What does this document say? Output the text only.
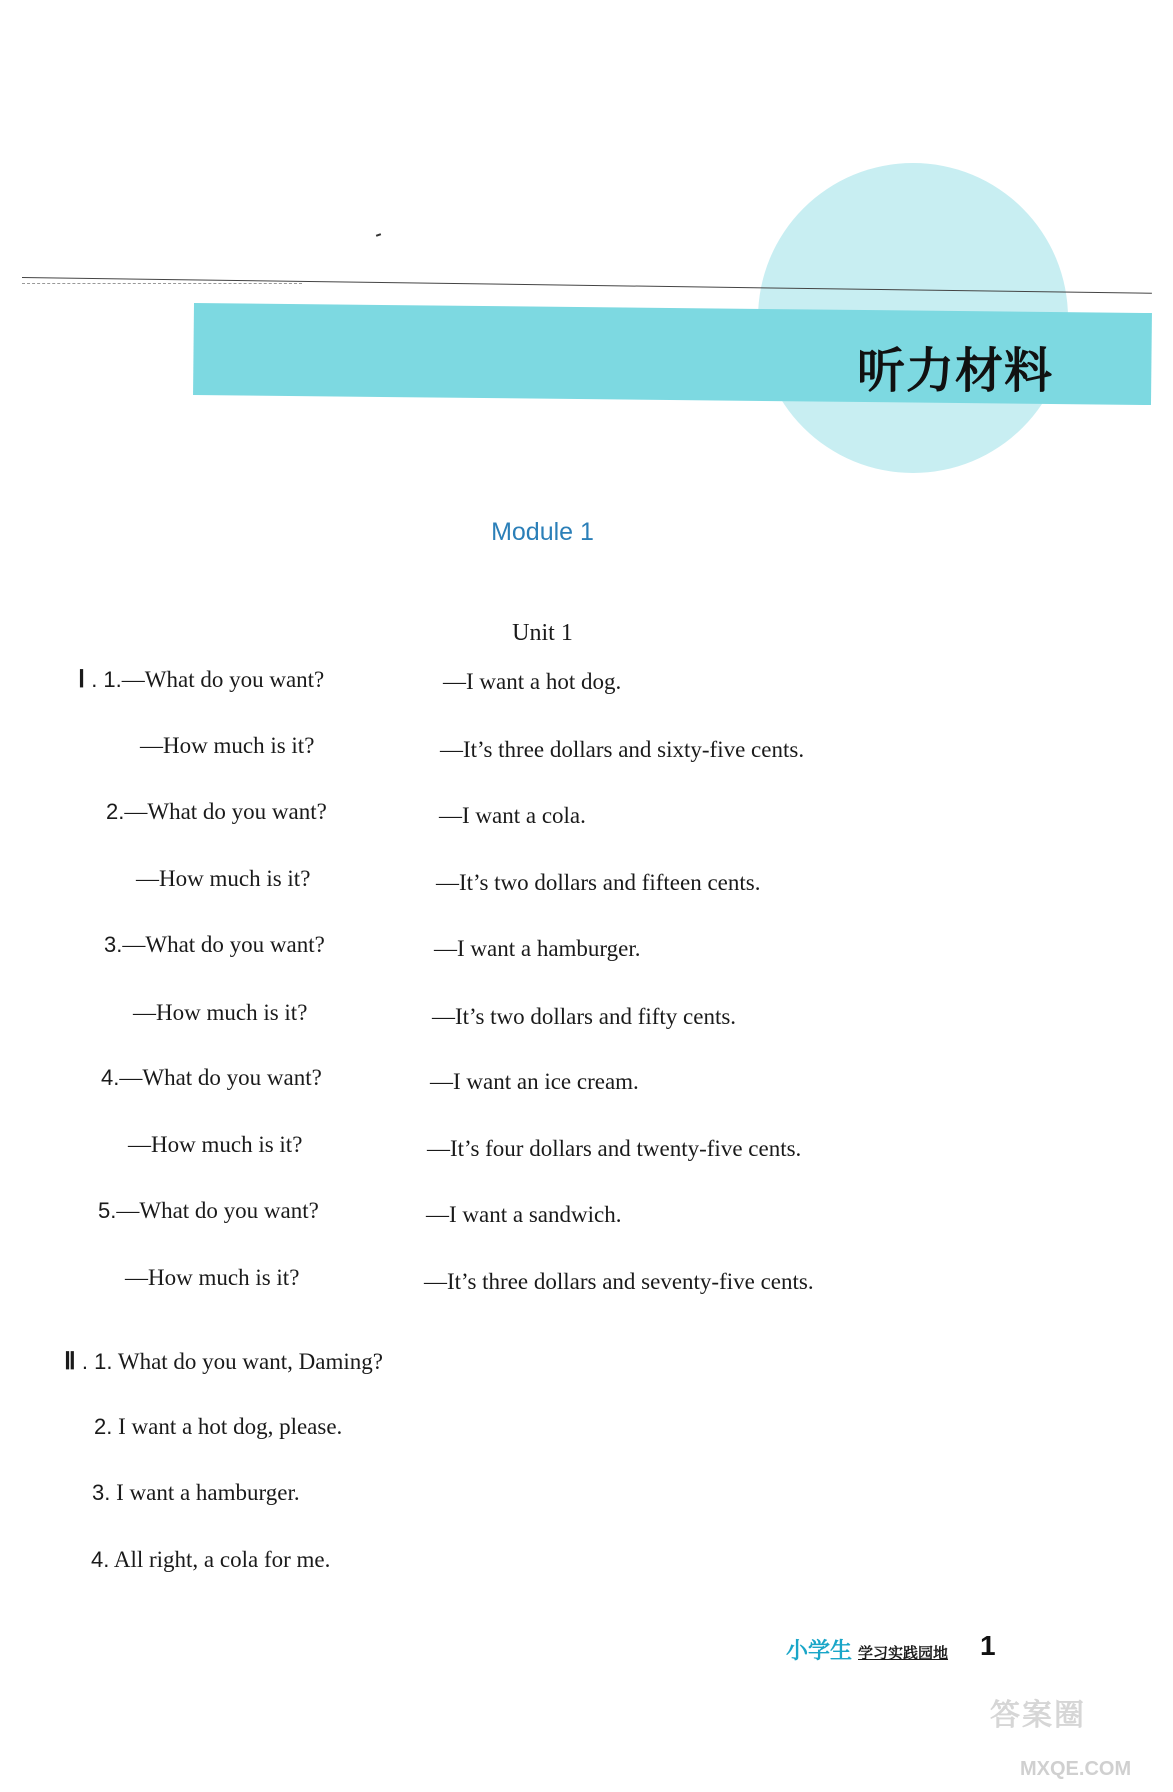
听力材料
Module 1
Unit 1
Ⅰ . 1.—What do you want?	—I want a hot dog.
—How much is it?	—It’s three dollars and sixty-five cents.
2.—What do you want?	—I want a cola.
—How much is it?	—It’s two dollars and fifteen cents.
3.—What do you want?	—I want a hamburger.
—How much is it?	—It’s two dollars and fifty cents.
4.—What do you want?	—I want an ice cream.
—How much is it?	—It’s four dollars and twenty-five cents.
5.—What do you want?	—I want a sandwich.
—How much is it?	—It’s three dollars and seventy-five cents.
Ⅱ . 1. What do you want, Daming?
2. I want a hot dog, please.
3. I want a hamburger.
4. All right, a cola for me.
小学生 学习实践园地 1
答案圈
MXQE.COM
